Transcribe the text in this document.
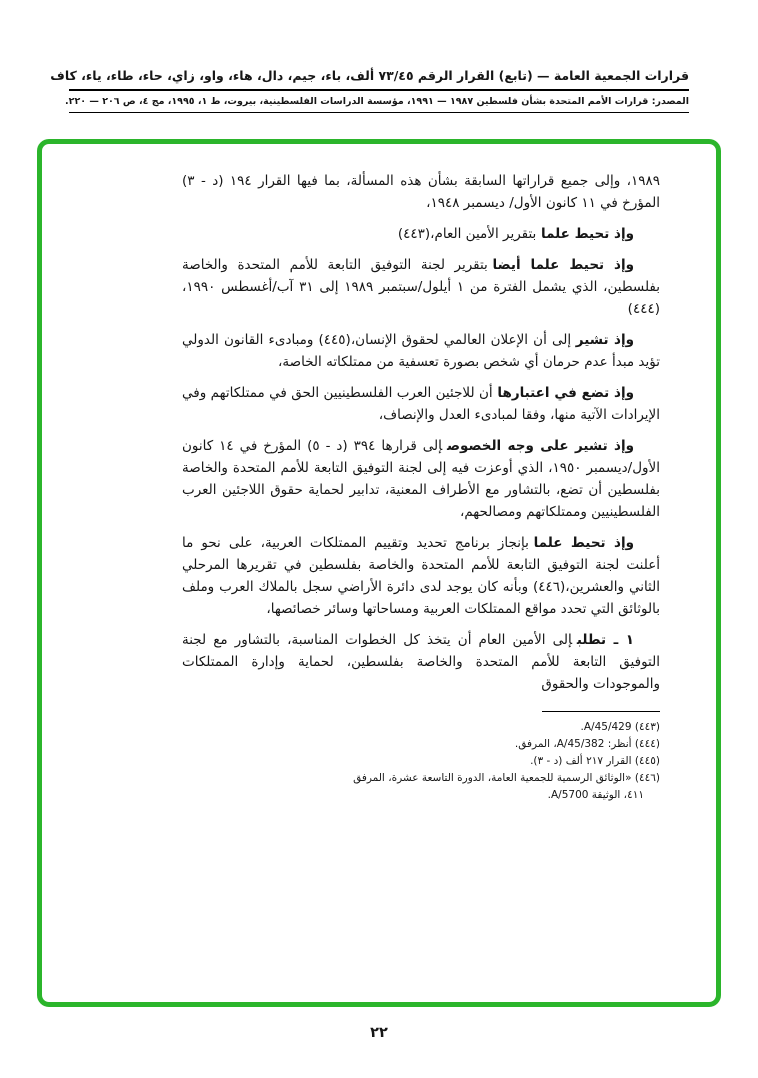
قرارات الجمعية العامة — (تابع) القرار الرقم ٧٣/٤٥ ألف، باء، جيم، دال، هاء، واو، زاي، حاء، طاء، ياء، كاف
المصدر: قرارات الأمم المتحدة بشأن فلسطين ١٩٨٧ — ١٩٩١، مؤسسة الدراسات الفلسطينية، بيروت، ط ١، ١٩٩٥، مج ٤، ص ٢٠٦ — ٢٢٠.

١٩٨٩، وإلى جميع قراراتها السابقة بشأن هذه المسألة، بما فيها القرار ١٩٤ (د - ٣) المؤرخ في ١١ كانون الأول/ ديسمبر ١٩٤٨،

وإذ تحيط علمابتقرير الأمين العام،(٤٤٣)

وإذ تحيط علما أيضابتقرير لجنة التوفيق التابعة للأمم المتحدة والخاصة بفلسطين، الذي يشمل الفترة من ١ أيلول/سبتمبر ١٩٨٩ إلى ٣١ آب/أغسطس ١٩٩٠،(٤٤٤)

وإذ تشيرإلى أن الإعلان العالمي لحقوق الإنسان،(٤٤٥) ومبادىء القانون الدولي تؤيد مبدأ عدم حرمان أي شخص بصورة تعسفية من ممتلكاته الخاصة،

وإذ تضع في اعتبارهاأن للاجئين العرب الفلسطينيين الحق في ممتلكاتهم وفي الإيرادات الآتية منها، وفقا لمبادىء العدل والإنصاف،

وإذ تشير على وجه الخصوصإلى قرارها ٣٩٤ (د - ٥) المؤرخ في ١٤ كانون الأول/ديسمبر ١٩٥٠، الذي أوعزت فيه إلى لجنة التوفيق التابعة للأمم المتحدة والخاصة بفلسطين أن تضع، بالتشاور مع الأطراف المعنية، تدابير لحماية حقوق اللاجئين العرب الفلسطينيين وممتلكاتهم ومصالحهم،

وإذ تحيط علمابإنجاز برنامج تحديد وتقييم الممتلكات العربية، على نحو ما أعلنت لجنة التوفيق التابعة للأمم المتحدة والخاصة بفلسطين في تقريرها المرحلي الثاني والعشرين،(٤٤٦) وبأنه كان يوجد لدى دائرة الأراضي سجل بالملاك العرب وملف بالوثائق التي تحدد مواقع الممتلكات العربية ومساحاتها وسائر خصائصها،

١ ـ تطلبإلى الأمين العام أن يتخذ كل الخطوات المناسبة، بالتشاور مع لجنة التوفيق التابعة للأمم المتحدة والخاصة بفلسطين، لحماية وإدارة الممتلكات والموجودات والحقوق

(٤٤٣) A/45/429.
(٤٤٤) أنظر: A/45/382، المرفق.
(٤٤٥) القرار ٢١٧ ألف (د - ٣).
(٤٤٦) «الوثائق الرسمية للجمعية العامة، الدورة التاسعة عشرة، المرفق ٤١١، الوثيقة A/5700.
٢٢
